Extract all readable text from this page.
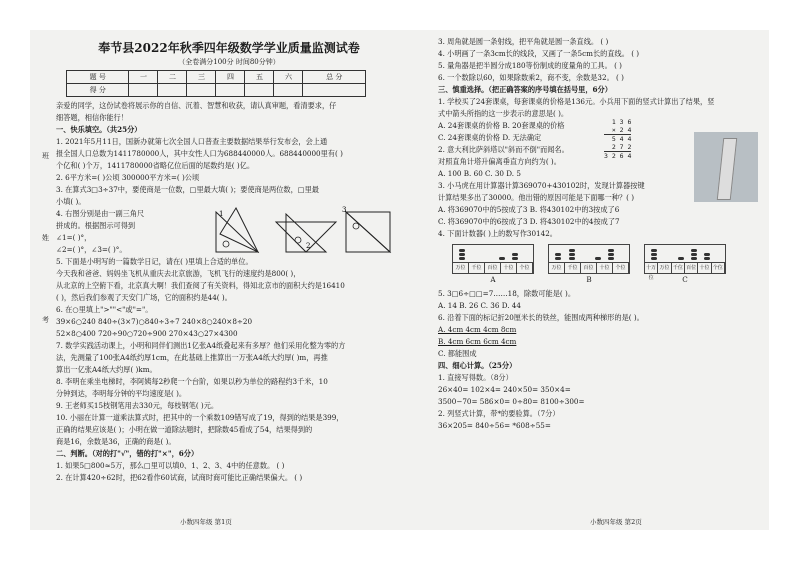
班
姓
考

奉节县2022年秋季四年级数学学业质量监测试卷

（全卷满分100分 时间80分钟）

题 号	一	二	三	四	五	六	总 分
得 分							

亲爱的同学，这份试卷将展示你的自信、沉着、智慧和收获，请认真审题，看清要求，仔

细答题，相信你能行！

一、快乐填空。（共25分）

1. 2021年5月11日，国新办就第七次全国人口普查主要数据结果举行发布会，会上通

报全国人口总数为1411780000人，其中女性人口为688440000人。688440000里有( )

个亿和( )个万，1411780000省略亿位后面的尾数约是( )亿。

2. 6平方米=( )公顷 300000平方米=( )公顷

3. 在算式3□3÷37中，要使商是一位数，□里最大填( )；要使商是两位数，□里最

小填( )。

4. 右图分别是由一副三角尺

拼成的。根据图示可得到

∠1=( )°，

∠2=( )°，∠3=( )°。

1
2
3

5. 下面是小明写的一篇数学日记，请在( )里填上合适的单位。

今天我和爸爸、妈妈坐飞机从重庆去北京旅游，飞机飞行的速度约是800( )，

从北京的上空俯下看，北京真大啊！我们查阅了有关资料，得知北京市的面积大约是16410

( )，然后我们参观了天安门广场，它的面积约是44( )。

6. 在○里填上">""<"或"="。

39×6○240 840÷(3×7)○840÷3÷7 240×8○240×8÷20

52×8○400 720÷90○720÷900 270×43○27×4300

7. 数学实践活动课上，小明和同伴们测出1亿张A4纸叠起来有多厚？他们采用化整为零的方

法，先测量了100张A4纸约厚1cm，在此基础上推算出一万张A4纸大约厚( )m，再推

算出一亿张A4纸大约厚( )km。

8. 李明在乘坐电梯时，李阿姨每2秒爬一个台阶，如果以秒为单位的路程约3千米，10

分钟到达，李明每分钟的平均速度是( )。

9. 王老师买15枝钢笔用去330元，每枝钢笔( )元。

10. 小丽在计算一道乘法算式时，把其中的一个乘数109错写成了19，得到的结果是399，

正确的结果应该是( )；小明在做一道除法题时，把除数45看成了54，结果得到的

商是16，余数是36，正确的商是( )。

二、判断。（对的打"√"，错的打"×"，6分）

1. 如果5□800≈5万，那么□里可以填0、1、2、3、4中的任意数。 ( )

2. 在计算420÷62时，把62看作60试商，试商时商可能比正确结果偏大。 ( )

小数四年级 第1页

3. 周角就是圆一条射线，把平角就是圆一条直线。 ( )

4. 小明画了一条3cm长的线段，又画了一条5cm长的直线。 ( )

5. 量角器是把半圆分成180等份制成的度量角的工具。 ( )

6. 一个数除以60，如果除数乘2，商不变，余数是32。 ( )

三、慎重选择。（把正确答案的序号填在括号里，6分）

1. 学校买了24套课桌，每套课桌的价格是136元。小兵用下面的竖式计算出了结果，竖

式中箭头所指的这一步表示的意思是( )。

A. 24套课桌的价格 B. 20套课桌的价格

C. 24套课桌的价格 D. 无法确定

2. 意大利比萨斜塔以"斜而不倒"而闻名。

对照直角计塔升偏离垂直方向约为( )。

A. 100 B. 60 C. 30 D. 5

3. 小马虎在用计算器计算369070+430102时，发现计算器按键

计算结果多出了30000。他出错的原因可能是下面哪一种？( )

A. 将369070中的5按成了3 B. 将430102中的3按成了6

C. 将369070中的6按成了3 D. 将430102中的4按成了7

4. 下面计数器( )上的数写作30142。

万位	千位	百位	十位	个位
A
万位	千位	百位	十位	个位
B
十万位
万位 千位 百位 十位 个位
C

5. 3□6÷□□=7……18，除数可能是( )。

A. 14 B. 26 C. 36 D. 44

6. 沿着下面的标记折20厘米长的铁丝，能围成两种梯形的是( )。

A. 4cm 4cm 4cm 8cm

B. 4cm 6cm 6cm 4cm

C. 都能围成

四、细心计算。（25分）

1. 直接写得数。（8分）

26×40= 102×4= 240×50= 350×4=

3500−70= 586×0= 0÷80= 8100÷300=

2. 列竖式计算，带*的要验算。（7分）

36×205= 840÷56= *608÷55=

1 3 6
× 2 4
5 4 4
2 7 2
3 2 6 4
小数四年级 第2页
